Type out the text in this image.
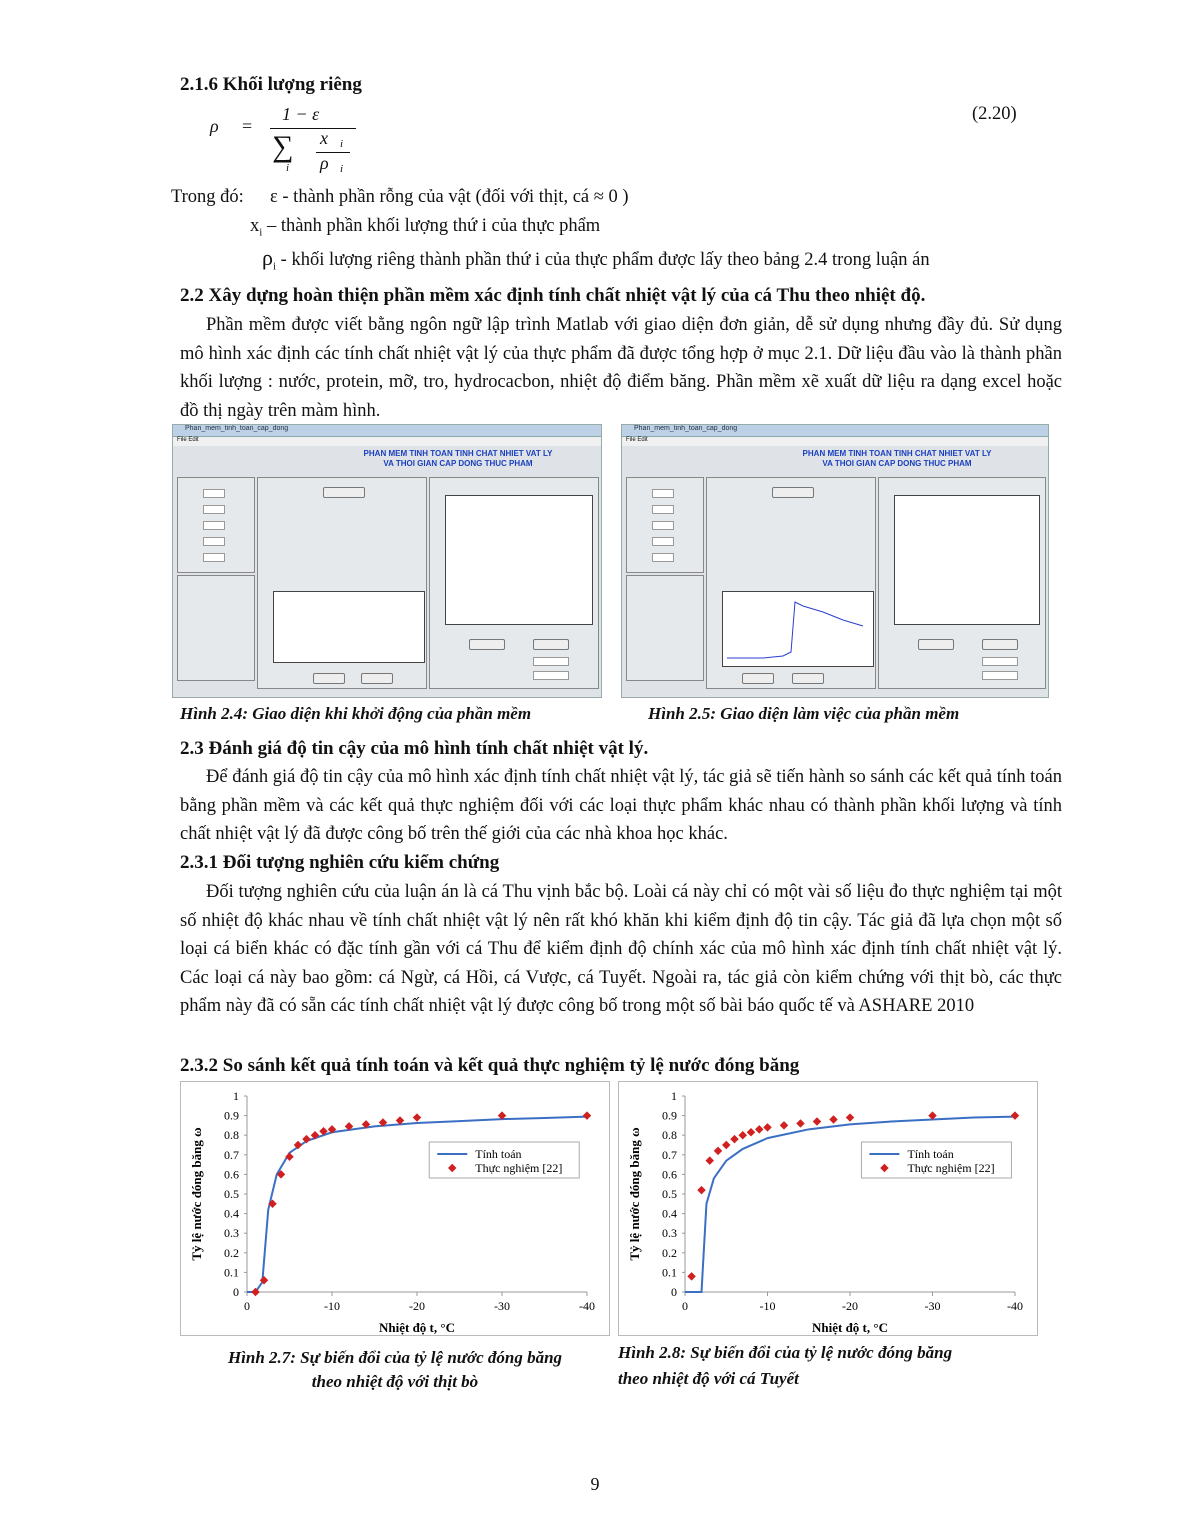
2.1.6 Khối lượng riêng
ρ =
1 − ε
∑
i
x i
ρ i
(2.20)
Trong đó: ε - thành phần rỗng của vật (đối với thịt, cá ≈ 0 )
$x_i$ – thành phần khối lượng thứ i của thực phẩm
$\rho_i$ - khối lượng riêng thành phần thứ i của thực phẩm được lấy theo bảng 2.4 trong luận án
2.2 Xây dựng hoàn thiện phần mềm xác định tính chất nhiệt vật lý của cá Thu theo nhiệt độ.
Phần mềm được viết bằng ngôn ngữ lập trình Matlab với giao diện đơn giản, dễ sử dụng nhưng đầy đủ. Sử dụng mô hình xác định các tính chất nhiệt vật lý của thực phẩm đã được tổng hợp ở mục 2.1. Dữ liệu đầu vào là thành phần khối lượng : nước, protein, mỡ, tro, hydrocacbon, nhiệt độ điểm băng. Phần mềm xẽ xuất dữ liệu ra dạng excel hoặc đồ thị ngày trên màm hình.
Phan_mem_tinh_toan_cap_dong
File Edit
PHAN MEM TINH TOAN TINH CHAT NHIET VAT LY
VA THOI GIAN CAP DONG THUC PHAM
Phan_mem_tinh_toan_cap_dong
File Edit
PHAN MEM TINH TOAN TINH CHAT NHIET VAT LY
VA THOI GIAN CAP DONG THUC PHAM
Hình 2.4: Giao diện khi khởi động của phần mềm	Hình 2.5: Giao diện làm việc của phần mềm
2.3 Đánh giá độ tin cậy của mô hình tính chất nhiệt vật lý.
Để đánh giá độ tin cậy của mô hình xác định tính chất nhiệt vật lý, tác giả sẽ tiến hành so sánh các kết quả tính toán bằng phần mềm và các kết quả thực nghiệm đối với các loại thực phẩm khác nhau có thành phần khối lượng và tính chất nhiệt vật lý đã được công bố trên thế giới của các nhà khoa học khác.
2.3.1 Đối tượng nghiên cứu kiểm chứng
Đối tượng nghiên cứu của luận án là cá Thu vịnh bắc bộ. Loài cá này chỉ có một vài số liệu đo thực nghiệm tại một số nhiệt độ khác nhau về tính chất nhiệt vật lý nên rất khó khăn khi kiểm định độ tin cậy. Tác giả đã lựa chọn một số loại cá biển khác có đặc tính gần với cá Thu để kiểm định độ chính xác của mô hình xác định tính chất nhiệt vật lý. Các loại cá này bao gồm: cá Ngừ, cá Hồi, cá Vược, cá Tuyết. Ngoài ra, tác giả còn kiểm chứng với thịt bò, các thực phẩm này đã có sẵn các tính chất nhiệt vật lý được công bố trong một số bài báo quốc tế và ASHARE 2010
2.3.2 So sánh kết quả tính toán và kết quả thực nghiệm tỷ lệ nước đóng băng
0
0.1
0.2
0.3
0.4
0.5
0.6
0.7
0.8
0.9
1
0	-10	-20	-30	-40
Nhiệt độ t, °C
Tỷ lệ nước đóng băng ω	Tính toán
Thực nghiệm [22]
0
0.1
0.2
0.3
0.4
0.5
0.6
0.7
0.8
0.9
1
0	-10	-20	-30	-40
Nhiệt độ t, °C
Tỷ lệ nước đóng băng ω	Tính toán
Thực nghiệm [22]
Hình 2.7: Sự biến đổi của tỷ lệ nước đóng băng
theo nhiệt độ với thịt bò
Hình 2.8: Sự biến đổi của tỷ lệ nước đóng băng
theo nhiệt độ với cá Tuyết
9
